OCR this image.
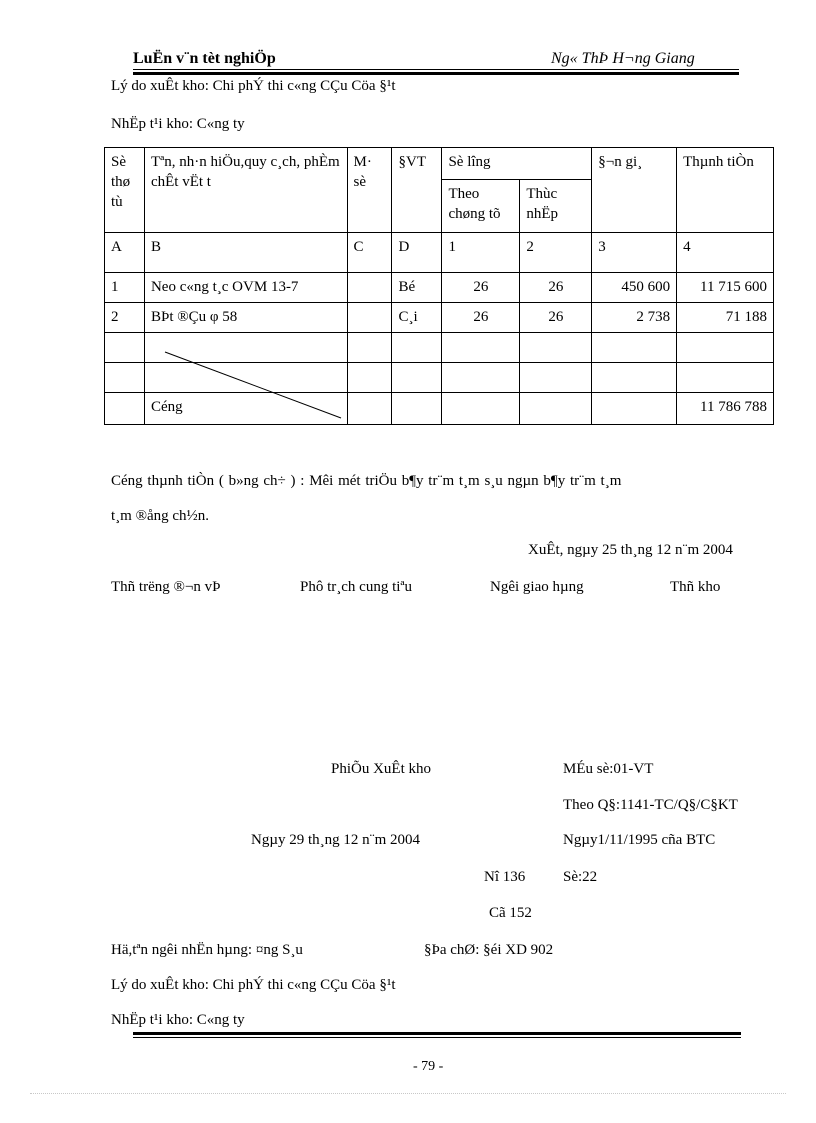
LuËn v¨n tèt nghiÖp	Ng« ThÞ H¬ng Giang
Lý do xuÊt kho: Chi phÝ thi c«ng CÇu Cöa §¹t
NhËp t¹i kho: C«ng ty
Sè thø tù	Tªn, nh·n hiÖu,quy c¸ch, phÈm chÊt vËt t	M· sè	§VT	Sè lîng		§¬n gi¸	Thµnh tiÒn
				Theo chøng tõ	Thùc nhËp		
A	B	C	D	1	2	3	4
1	Neo c«ng t¸c OVM 13-7		Bé	26	26	450 600	11 715 600
2	BÞt ®Çu φ 58		C¸i	26	26	2 738	71 188

	Céng						11 786 788
Céng thµnh tiÒn ( b»ng ch÷ ) : Mêi mét triÖu b¶y tr¨m t¸m s¸u ngµn b¶y tr¨m t¸m
t¸m ®ång ch½n.
XuÊt, ngµy 25 th¸ng 12 n¨m 2004
Thñ trëng ®¬n vÞ	Phô tr¸ch cung tiªu	Ngêi giao hµng	Thñ kho
PhiÕu XuÊt kho	MÉu sè:01-VT
Theo Q§:1141-TC/Q§/C§KT
Ngµy 29 th¸ng 12 n¨m 2004	Ngµy1/11/1995 cña BTC
Nî 136	Sè:22
Cã 152
Hä,tªn ngêi nhËn hµng: ¤ng S¸u	§Þa chØ: §éi XD 902
Lý do xuÊt kho: Chi phÝ thi c«ng CÇu Cöa §¹t
NhËp t¹i kho: C«ng ty
- 79 -
